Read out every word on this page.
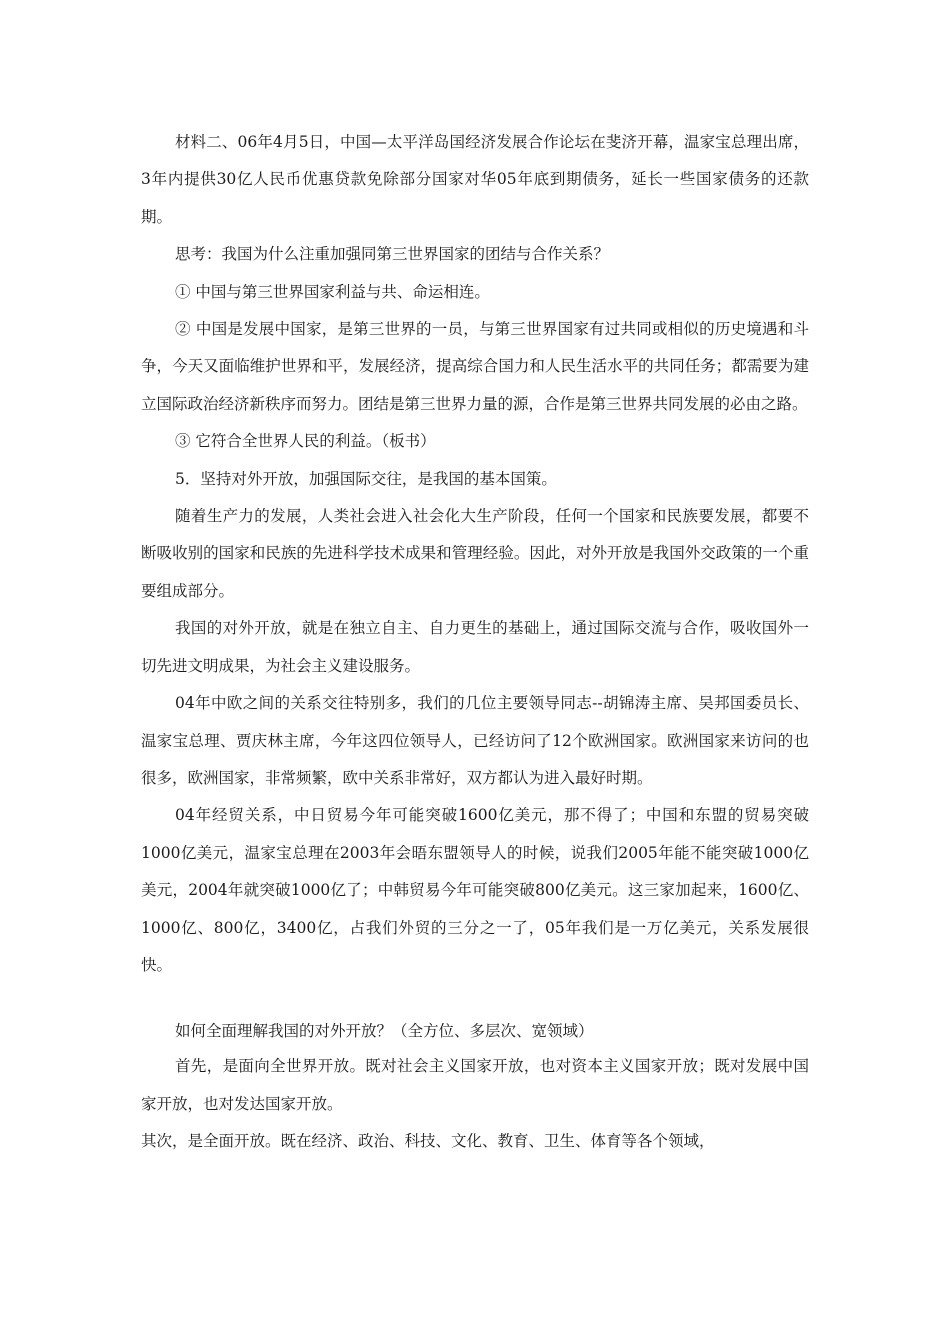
材料二、06年4月5日，中国—太平洋岛国经济发展合作论坛在斐济开幕，温家宝总理出席，3年内提供30亿人民币优惠贷款免除部分国家对华05年底到期债务，延长一些国家债务的还款期。

思考：我国为什么注重加强同第三世界国家的团结与合作关系？

① 中国与第三世界国家利益与共、命运相连。

② 中国是发展中国家，是第三世界的一员，与第三世界国家有过共同或相似的历史境遇和斗争，今天又面临维护世界和平，发展经济，提高综合国力和人民生活水平的共同任务；都需要为建立国际政治经济新秩序而努力。团结是第三世界力量的源，合作是第三世界共同发展的必由之路。

③ 它符合全世界人民的利益。（板书）

5．坚持对外开放，加强国际交往，是我国的基本国策。

随着生产力的发展，人类社会进入社会化大生产阶段，任何一个国家和民族要发展，都要不断吸收别的国家和民族的先进科学技术成果和管理经验。因此，对外开放是我国外交政策的一个重要组成部分。

我国的对外开放，就是在独立自主、自力更生的基础上，通过国际交流与合作，吸收国外一切先进文明成果，为社会主义建设服务。

04年中欧之间的关系交往特别多，我们的几位主要领导同志--胡锦涛主席、吴邦国委员长、温家宝总理、贾庆林主席，今年这四位领导人，已经访问了12个欧洲国家。欧洲国家来访问的也很多，欧洲国家，非常频繁，欧中关系非常好，双方都认为进入最好时期。

04年经贸关系，中日贸易今年可能突破1600亿美元，那不得了；中国和东盟的贸易突破1000亿美元，温家宝总理在2003年会晤东盟领导人的时候，说我们2005年能不能突破1000亿美元，2004年就突破1000亿了；中韩贸易今年可能突破800亿美元。这三家加起来，1600亿、1000亿、800亿，3400亿，占我们外贸的三分之一了，05年我们是一万亿美元，关系发展很快。

如何全面理解我国的对外开放？（全方位、多层次、宽领域）

首先，是面向全世界开放。既对社会主义国家开放，也对资本主义国家开放；既对发展中国家开放，也对发达国家开放。

其次，是全面开放。既在经济、政治、科技、文化、教育、卫生、体育等各个领域，
